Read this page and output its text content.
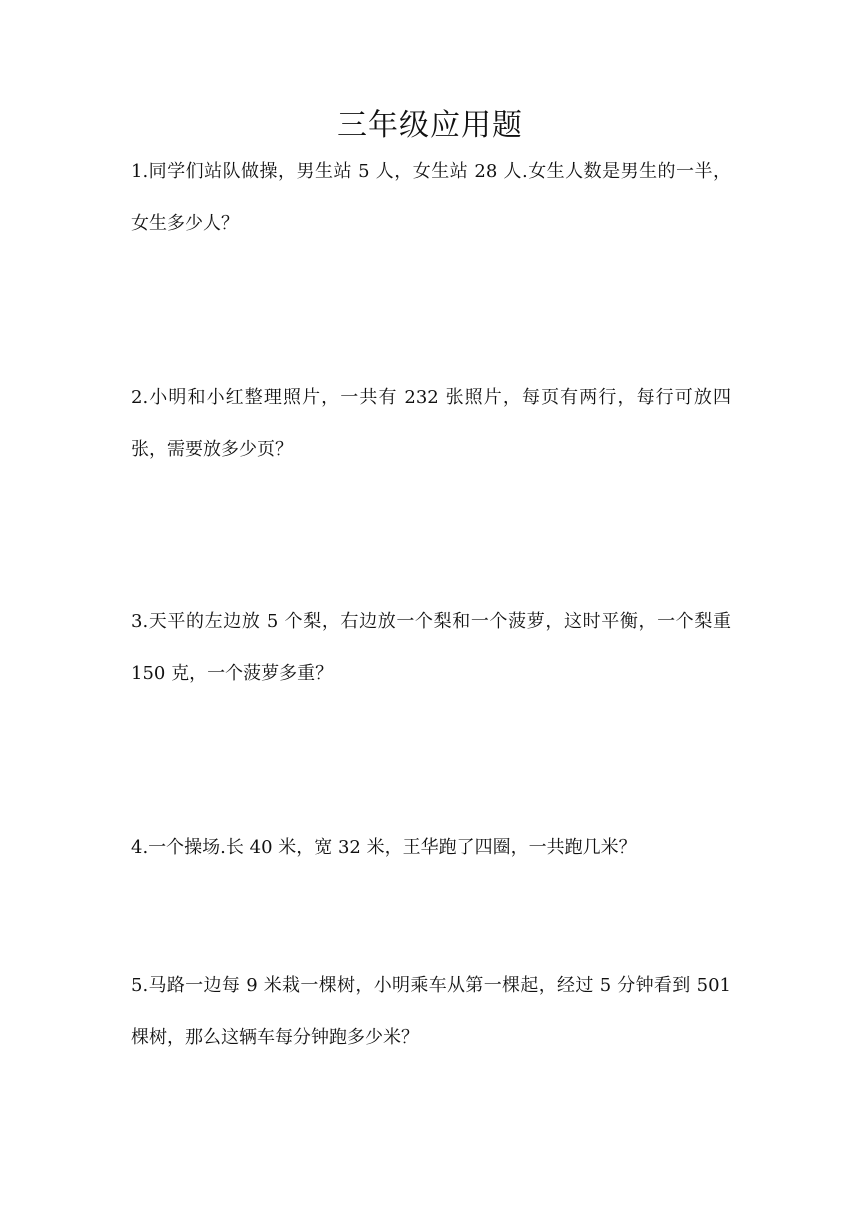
三年级应用题

1.同学们站队做操，男生站 5 人，女生站 28 人.女生人数是男生的一半，女生多少人？

2.小明和小红整理照片，一共有 232 张照片，每页有两行，每行可放四张，需要放多少页？

3.天平的左边放 5 个梨，右边放一个梨和一个菠萝，这时平衡，一个梨重 150 克，一个菠萝多重？

4.一个操场.长 40 米，宽 32 米，王华跑了四圈，一共跑几米？

5.马路一边每 9 米栽一棵树，小明乘车从第一棵起，经过 5 分钟看到 501 棵树，那么这辆车每分钟跑多少米？
